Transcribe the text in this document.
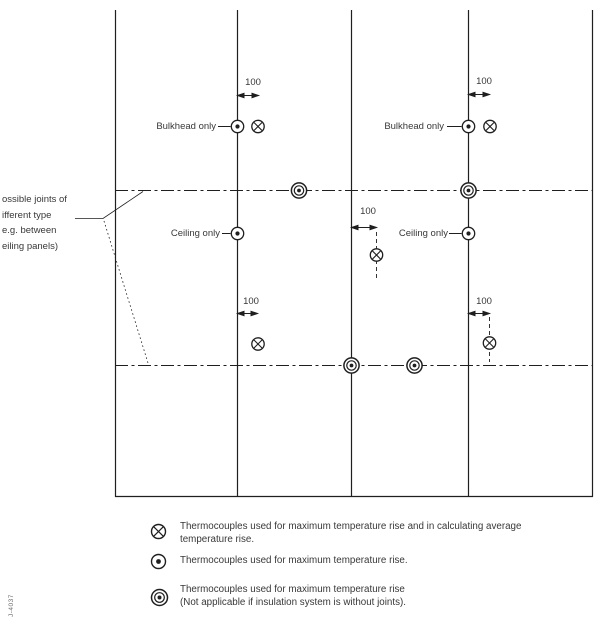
Bulkhead only	Bulkhead only
Ceiling only	Ceiling only
100	100
100
100	100
ossible joints of
ifferent type
e.g. between
eiling panels)
Thermocouples used for maximum temperature rise and in calculating average
temperature rise.
Thermocouples used for maximum temperature rise.
Thermocouples used for maximum temperature rise
(Not applicable if insulation system is without joints).
J-4037
